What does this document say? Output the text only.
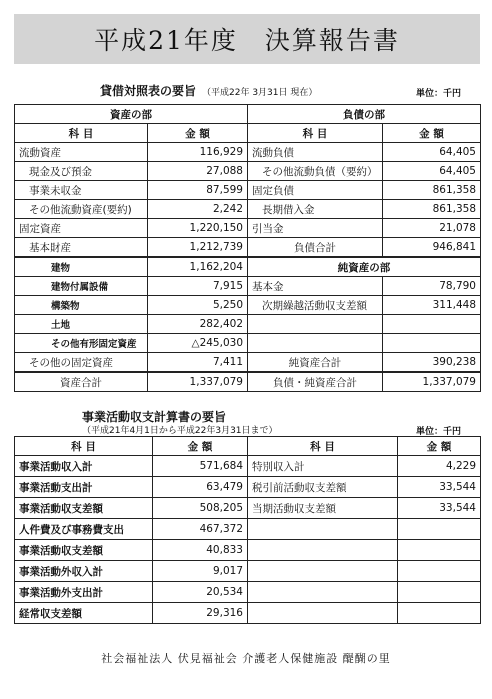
平成21年度　決算報告書
貸借対照表の要旨 （平成22年 3月31日 現在）	単位：千円
資産の部		負債の部	
科 目	金 額	科 目	金 額
流動資産	116,929	流動負債	64,405
現金及び預金	27,088	その他流動負債（要約）	64,405
事業未収金	87,599	固定負債	861,358
その他流動資産(要約)	2,242	長期借入金	861,358
固定資産	1,220,150	引当金	21,078
基本財産	1,212,739	負債合計	946,841
建物	1,162,204	純資産の部	
建物付属設備	7,915	基本金	78,790
構築物	5,250	次期繰越活動収支差額	311,448
土地	282,402		
その他有形固定資産	△245,030		
その他の固定資産	7,411	純資産合計	390,238
資産合計	1,337,079	負債・純資産合計	1,337,079
事業活動収支計算書の要旨
（平成21年4月1日から平成22年3月31日まで）	単位：千円
科 目	金 額	科 目	金 額
事業活動収入計	571,684	特別収入計	4,229
事業活動支出計	63,479	税引前活動収支差額	33,544
事業活動収支差額	508,205	当期活動収支差額	33,544
人件費及び事務費支出	467,372		
事業活動収支差額	40,833		
事業活動外収入計	9,017		
事業活動外支出計	20,534		
経常収支差額	29,316		
社会福祉法人 伏見福祉会 介護老人保健施設 醍醐の里
